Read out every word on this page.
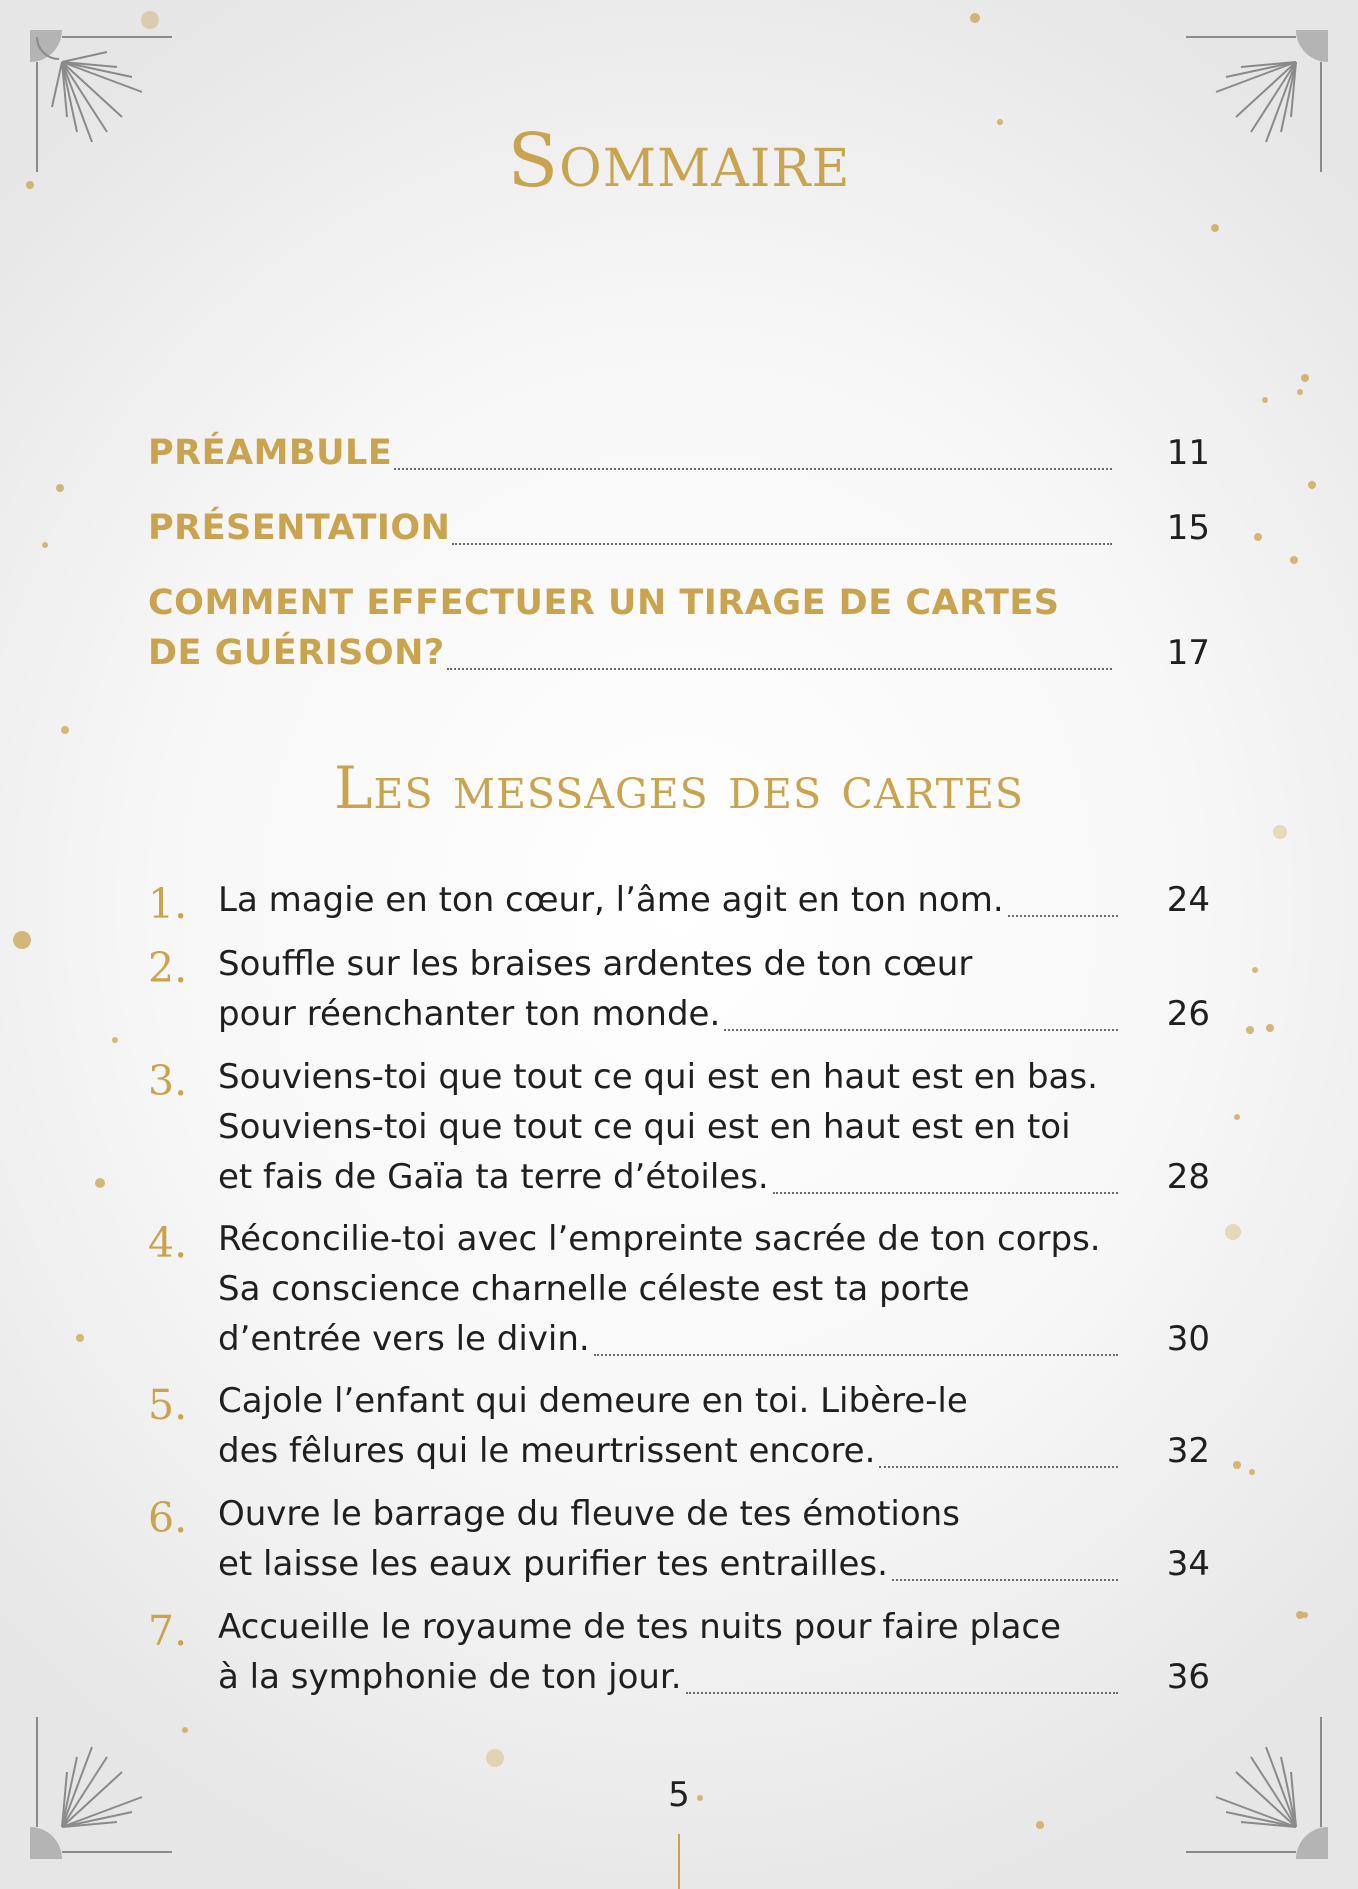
Sommaire
PRÉAMBULE	11
PRÉSENTATION	15
COMMENT EFFECTUER UN TIRAGE DE CARTES
DE GUÉRISON?	17
Les messages des cartes
1. La magie en ton cœur, l’âme agit en ton nom.	24
2. Souffle sur les braises ardentes de ton cœur
pour réenchanter ton monde.	26
3. Souviens-toi que tout ce qui est en haut est en bas.
Souviens-toi que tout ce qui est en haut est en toi
et fais de Gaïa ta terre d’étoiles.	28
4. Réconcilie-toi avec l’empreinte sacrée de ton corps.
Sa conscience charnelle céleste est ta porte
d’entrée vers le divin.	30
5. Cajole l’enfant qui demeure en toi. Libère-le
des fêlures qui le meurtrissent encore.	32
6. Ouvre le barrage du fleuve de tes émotions
et laisse les eaux purifier tes entrailles.	34
7. Accueille le royaume de tes nuits pour faire place
à la symphonie de ton jour.	36
5
